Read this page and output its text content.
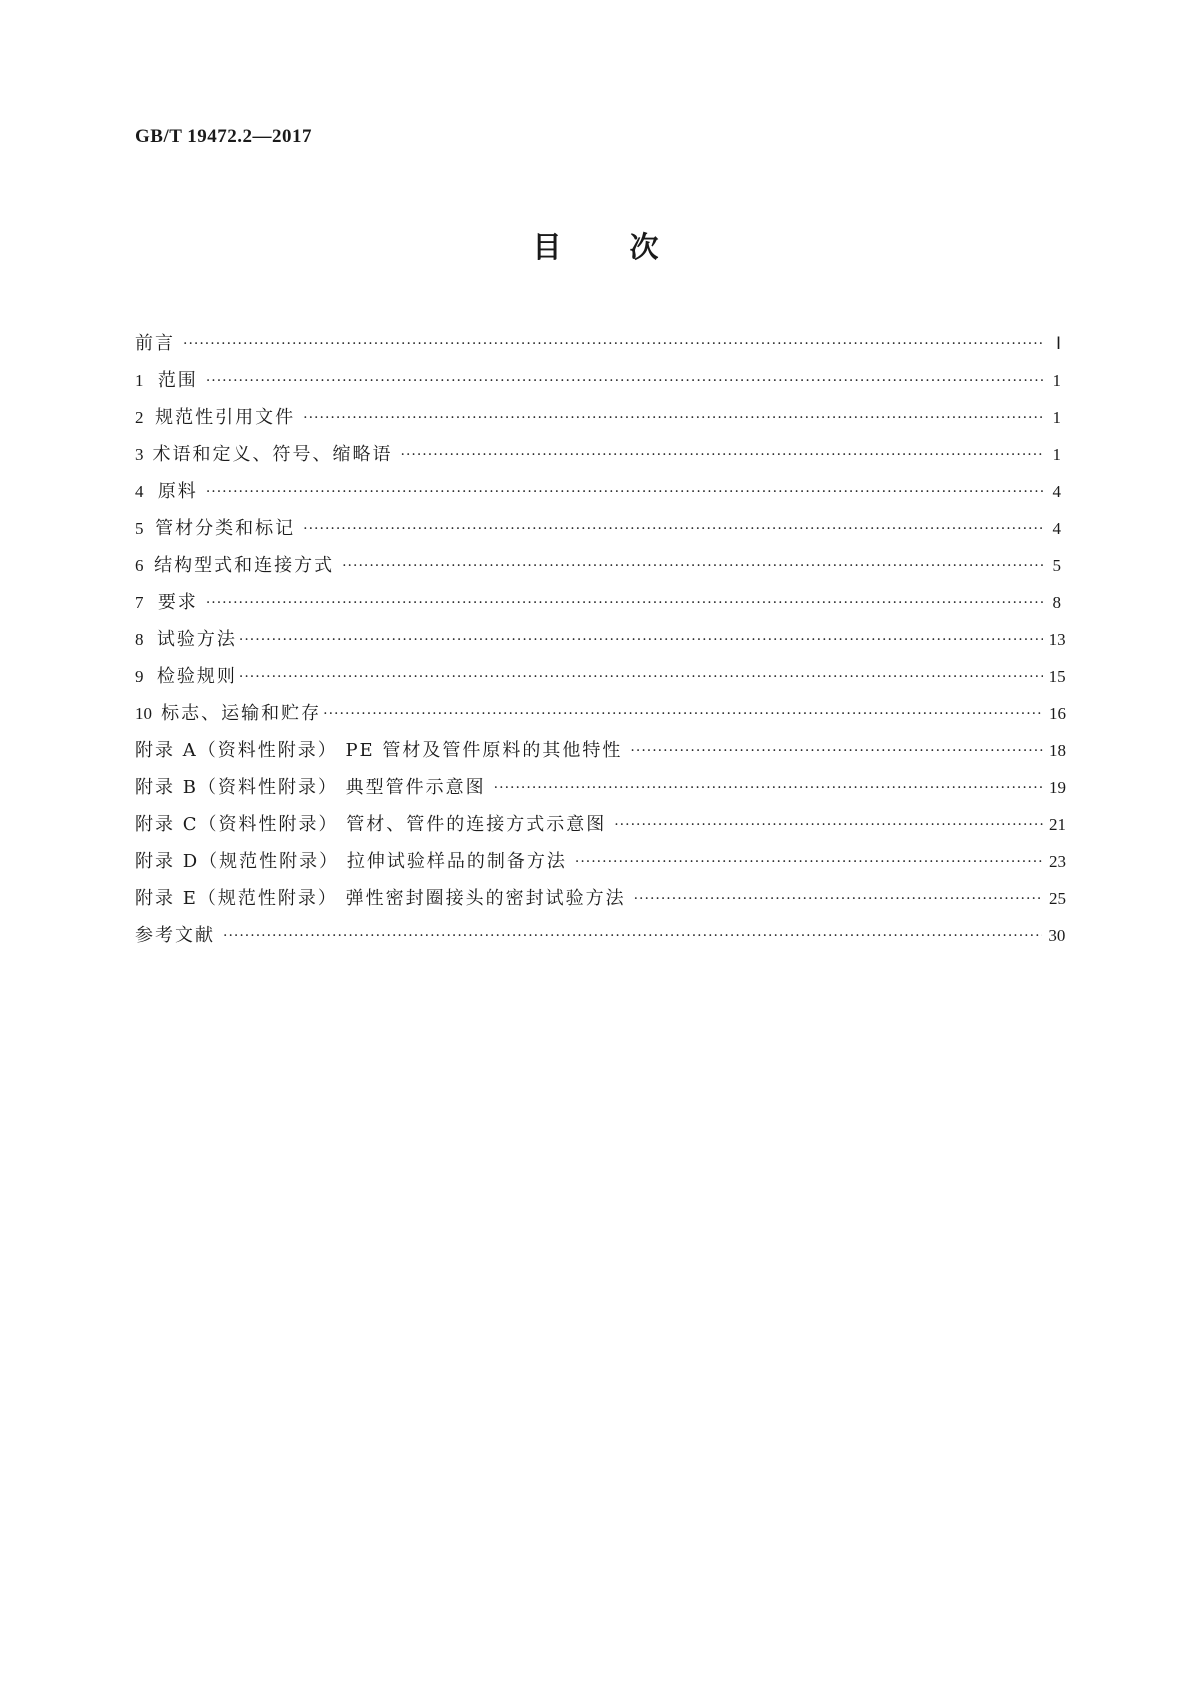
GB/T 19472.2—2017
目 次
前言 ·····	Ⅰ
1 范围 ·····	1
2 规范性引用文件 ·····	1
3 术语和定义、符号、缩略语 ·····	1
4 原料 ·····	4
5 管材分类和标记 ·····	4
6 结构型式和连接方式 ·····	5
7 要求 ·····	8
8 试验方法 ·····	13
9 检验规则 ·····	15
10 标志、运输和贮存 ·····	16
附录 A（资料性附录） PE 管材及管件原料的其他特性 ·····	18
附录 B（资料性附录） 典型管件示意图 ·····	19
附录 C（资料性附录） 管材、管件的连接方式示意图 ·····	21
附录 D（规范性附录） 拉伸试验样品的制备方法 ·····	23
附录 E（规范性附录） 弹性密封圈接头的密封试验方法 ·····	25
参考文献 ·····	30
